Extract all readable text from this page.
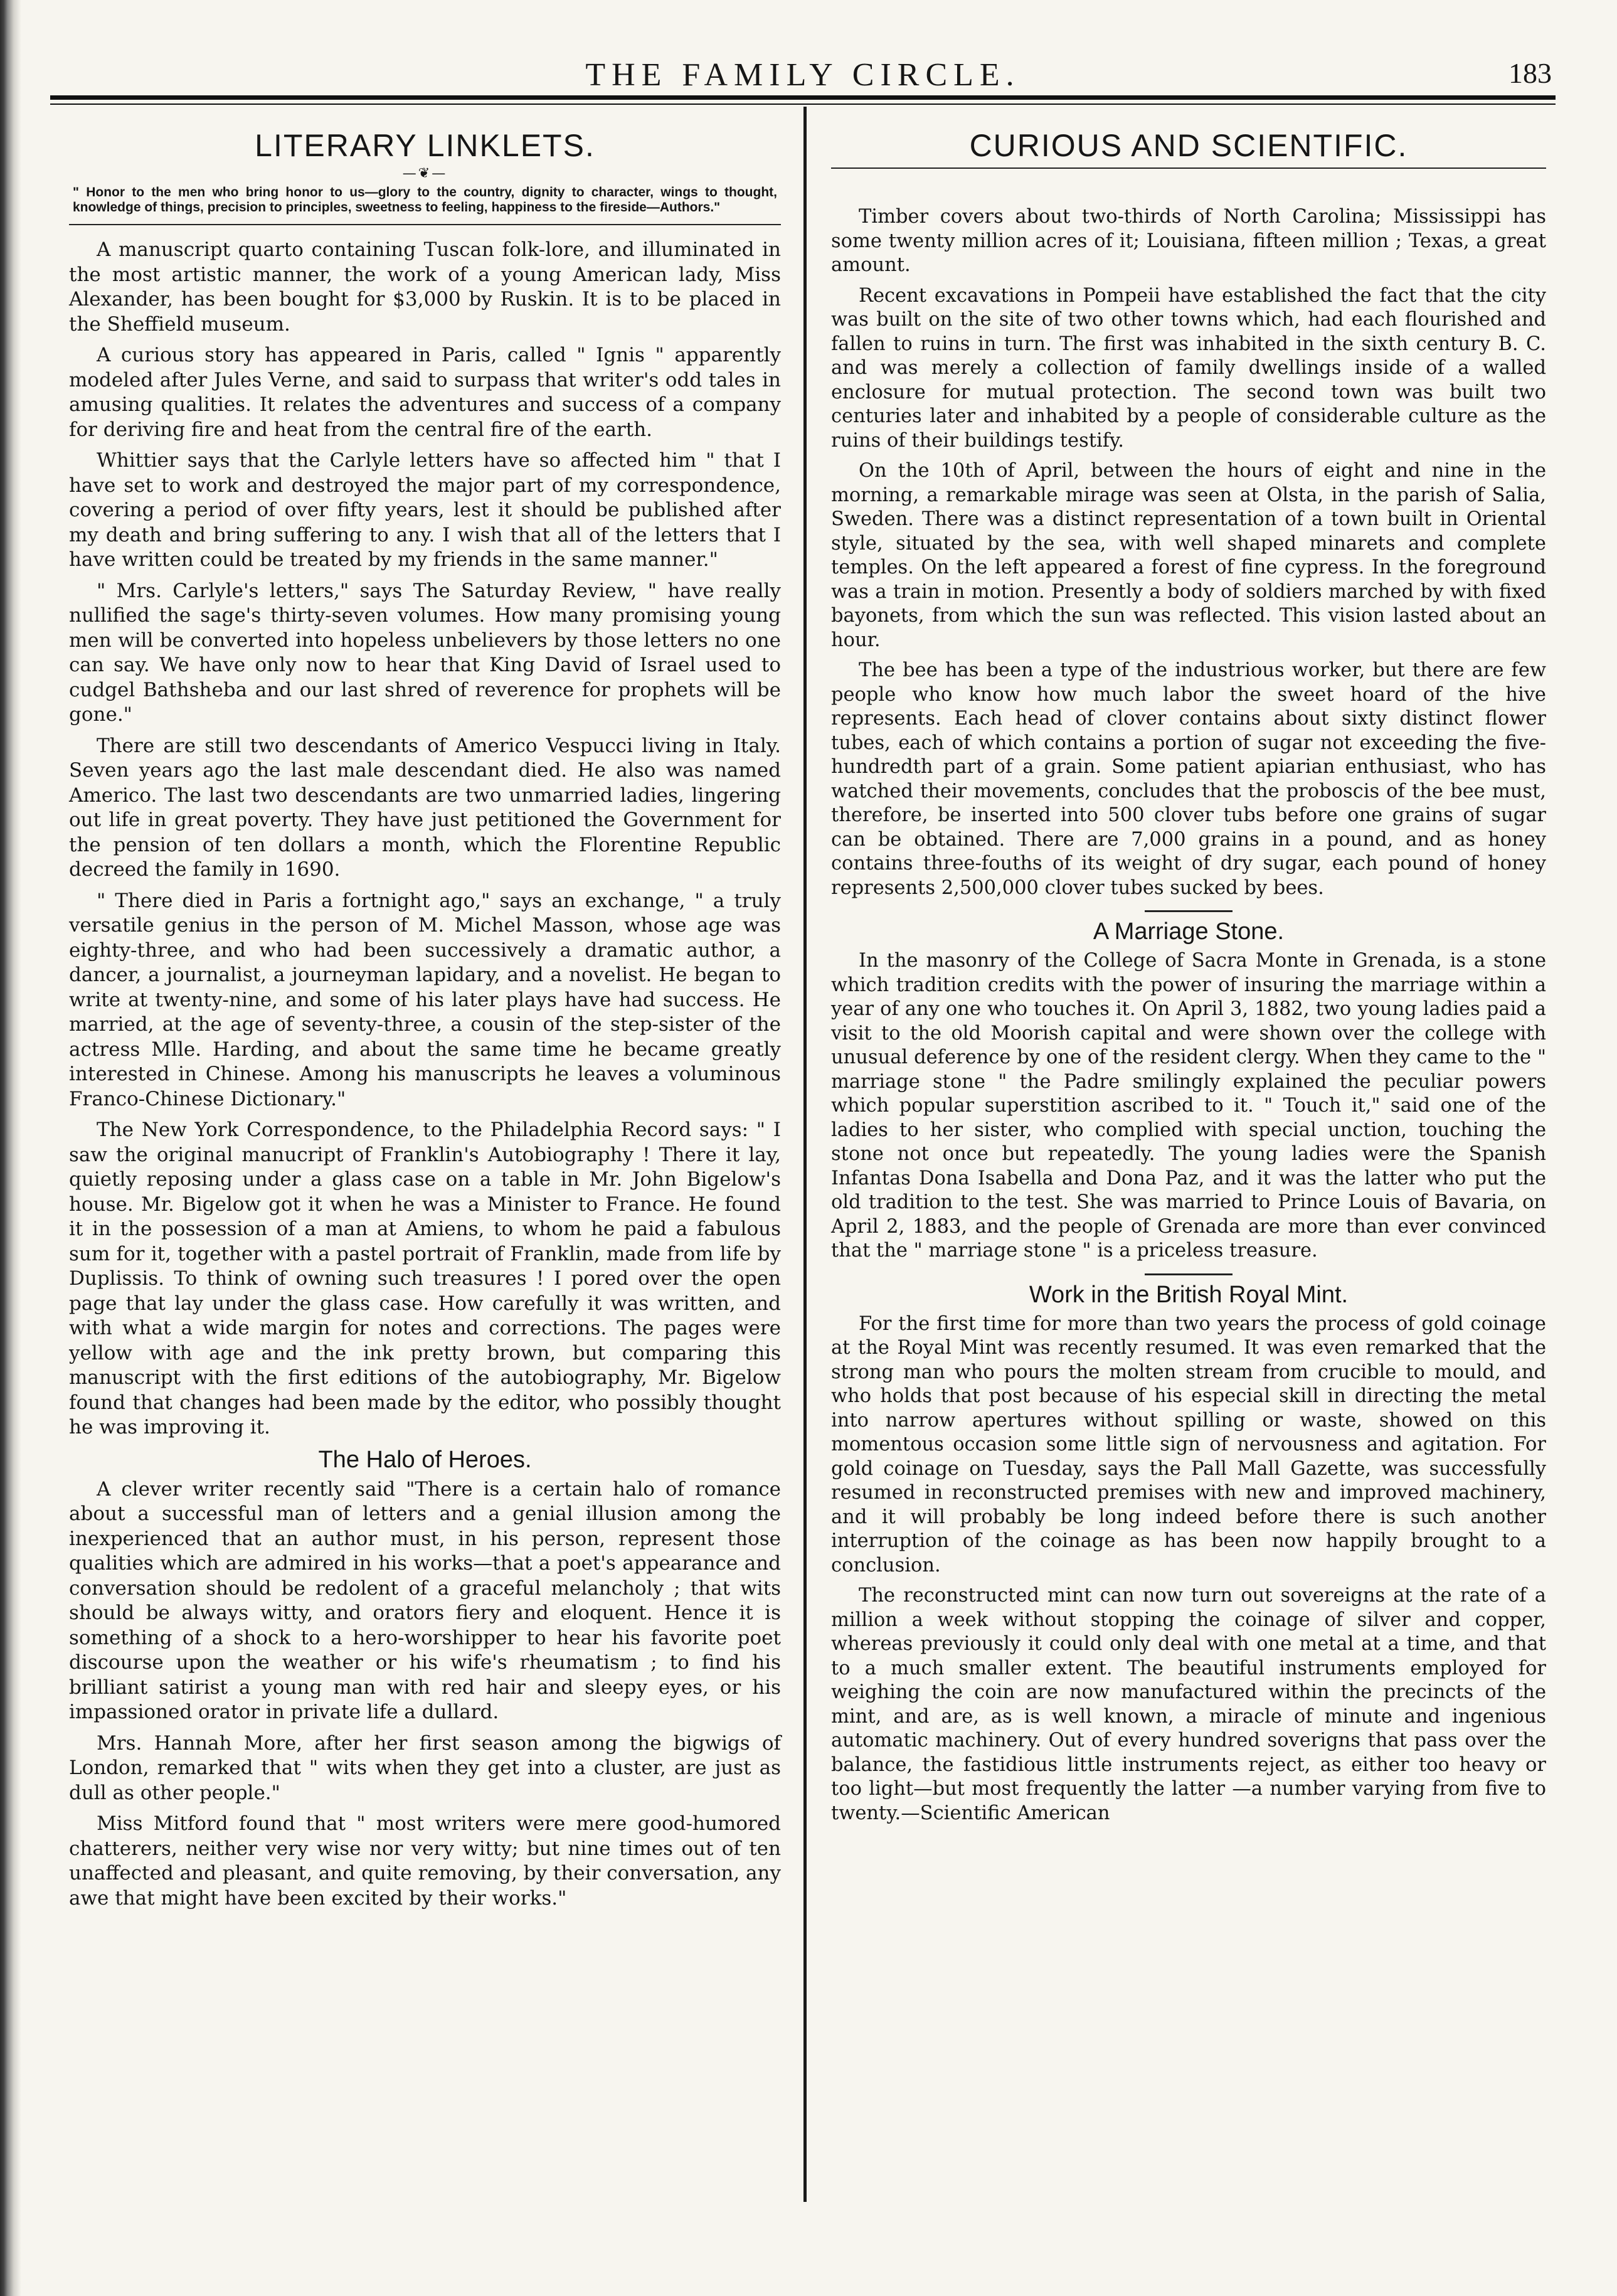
THE FAMILY CIRCLE.	183
LITERARY LINKLETS.
—❦—
" Honor to the men who bring honor to us—glory to the country, dignity to character, wings to thought, knowledge of things, precision to principles, sweetness to feeling, happiness to the fireside—Authors."

A manuscript quarto containing Tuscan folk-lore, and illuminated in the most artistic manner, the work of a young American lady, Miss Alexander, has been bought for $3,000 by Ruskin. It is to be placed in the Sheffield museum.

A curious story has appeared in Paris, called " Ignis " apparently modeled after Jules Verne, and said to surpass that writer's odd tales in amusing qualities. It relates the adventures and success of a company for deriving fire and heat from the central fire of the earth.

Whittier says that the Carlyle letters have so affected him " that I have set to work and destroyed the major part of my correspondence, covering a period of over fifty years, lest it should be published after my death and bring suffering to any. I wish that all of the letters that I have written could be treated by my friends in the same manner."

" Mrs. Carlyle's letters," says The Saturday Review, " have really nullified the sage's thirty-seven volumes. How many promising young men will be converted into hopeless unbelievers by those letters no one can say. We have only now to hear that King David of Israel used to cudgel Bathsheba and our last shred of reverence for prophets will be gone."

There are still two descendants of Americo Vespucci living in Italy. Seven years ago the last male descendant died. He also was named Americo. The last two descendants are two unmarried ladies, lingering out life in great poverty. They have just petitioned the Government for the pension of ten dollars a month, which the Florentine Republic decreed the family in 1690.

" There died in Paris a fortnight ago," says an exchange, " a truly versatile genius in the person of M. Michel Masson, whose age was eighty-three, and who had been successively a dramatic author, a dancer, a journalist, a journeyman lapidary, and a novelist. He began to write at twenty-nine, and some of his later plays have had success. He married, at the age of seventy-three, a cousin of the step-sister of the actress Mlle. Harding, and about the same time he became greatly interested in Chinese. Among his manuscripts he leaves a voluminous Franco-Chinese Dictionary."

The New York Correspondence, to the Philadelphia Record says: " I saw the original manucript of Franklin's Autobiography ! There it lay, quietly reposing under a glass case on a table in Mr. John Bigelow's house. Mr. Bigelow got it when he was a Minister to France. He found it in the possession of a man at Amiens, to whom he paid a fabulous sum for it, together with a pastel portrait of Franklin, made from life by Duplissis. To think of owning such treasures ! I pored over the open page that lay under the glass case. How carefully it was written, and with what a wide margin for notes and corrections. The pages were yellow with age and the ink pretty brown, but comparing this manuscript with the first editions of the autobiography, Mr. Bigelow found that changes had been made by the editor, who possibly thought he was improving it.

The Halo of Heroes.

A clever writer recently said "There is a certain halo of romance about a successful man of letters and a genial illusion among the inexperienced that an author must, in his person, represent those qualities which are admired in his works—that a poet's appearance and conversation should be redolent of a graceful melancholy ; that wits should be always witty, and orators fiery and eloquent. Hence it is something of a shock to a hero-worshipper to hear his favorite poet discourse upon the weather or his wife's rheumatism ; to find his brilliant satirist a young man with red hair and sleepy eyes, or his impassioned orator in private life a dullard.

Mrs. Hannah More, after her first season among the bigwigs of London, remarked that " wits when they get into a cluster, are just as dull as other people."

Miss Mitford found that " most writers were mere good-humored chatterers, neither very wise nor very witty; but nine times out of ten unaffected and pleasant, and quite removing, by their conversation, any awe that might have been excited by their works."

CURIOUS AND SCIENTIFIC.

Timber covers about two-thirds of North Carolina; Mississippi has some twenty million acres of it; Louisiana, fifteen million ; Texas, a great amount.

Recent excavations in Pompeii have established the fact that the city was built on the site of two other towns which, had each flourished and fallen to ruins in turn. The first was inhabited in the sixth century B. C. and was merely a collection of family dwellings inside of a walled enclosure for mutual protection. The second town was built two centuries later and inhabited by a people of considerable culture as the ruins of their buildings testify.

On the 10th of April, between the hours of eight and nine in the morning, a remarkable mirage was seen at Olsta, in the parish of Salia, Sweden. There was a distinct representation of a town built in Oriental style, situated by the sea, with well shaped minarets and complete temples. On the left appeared a forest of fine cypress. In the foreground was a train in motion. Presently a body of soldiers marched by with fixed bayonets, from which the sun was reflected. This vision lasted about an hour.

The bee has been a type of the industrious worker, but there are few people who know how much labor the sweet hoard of the hive represents. Each head of clover contains about sixty distinct flower tubes, each of which contains a portion of sugar not exceeding the five-hundredth part of a grain. Some patient apiarian enthusiast, who has watched their movements, concludes that the proboscis of the bee must, therefore, be inserted into 500 clover tubs before one grains of sugar can be obtained. There are 7,000 grains in a pound, and as honey contains three-fouths of its weight of dry sugar, each pound of honey represents 2,500,000 clover tubes sucked by bees.

A Marriage Stone.

In the masonry of the College of Sacra Monte in Grenada, is a stone which tradition credits with the power of insuring the marriage within a year of any one who touches it. On April 3, 1882, two young ladies paid a visit to the old Moorish capital and were shown over the college with unusual deference by one of the resident clergy. When they came to the " marriage stone " the Padre smilingly explained the peculiar powers which popular superstition ascribed to it. " Touch it," said one of the ladies to her sister, who complied with special unction, touching the stone not once but repeatedly. The young ladies were the Spanish Infantas Dona Isabella and Dona Paz, and it was the latter who put the old tradition to the test. She was married to Prince Louis of Bavaria, on April 2, 1883, and the people of Grenada are more than ever convinced that the " marriage stone " is a priceless treasure.

Work in the British Royal Mint.

For the first time for more than two years the process of gold coinage at the Royal Mint was recently resumed. It was even remarked that the strong man who pours the molten stream from crucible to mould, and who holds that post because of his especial skill in directing the metal into narrow apertures without spilling or waste, showed on this momentous occasion some little sign of nervousness and agitation. For gold coinage on Tuesday, says the Pall Mall Gazette, was successfully resumed in reconstructed premises with new and improved machinery, and it will probably be long indeed before there is such another interruption of the coinage as has been now happily brought to a conclusion.

The reconstructed mint can now turn out sovereigns at the rate of a million a week without stopping the coinage of silver and copper, whereas previously it could only deal with one metal at a time, and that to a much smaller extent. The beautiful instruments employed for weighing the coin are now manufactured within the precincts of the mint, and are, as is well known, a miracle of minute and ingenious automatic machinery. Out of every hundred soverigns that pass over the balance, the fastidious little instruments reject, as either too heavy or too light—but most frequently the latter —a number varying from five to twenty.—Scientific American
